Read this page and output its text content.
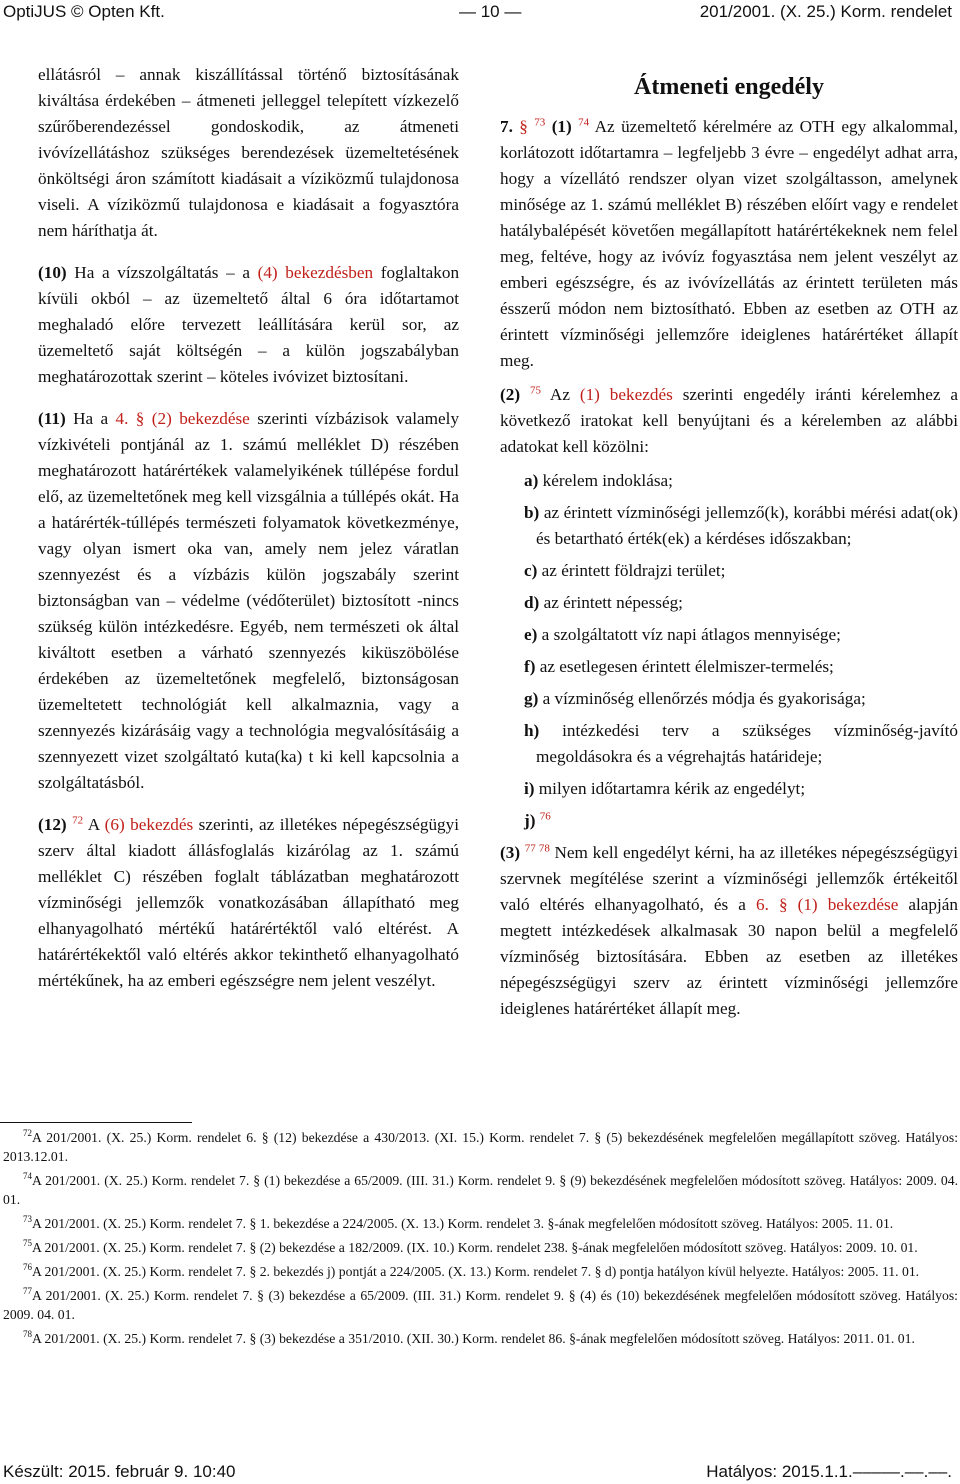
OptiJUS © Opten Kft.	— 10 —	201/2001. (X. 25.) Korm. rendelet

ellátásról – annak kiszállítással történő biztosításának kiváltása érdekében – átmeneti jelleggel telepített vízkezelő szűrőberendezéssel gondoskodik, az átmeneti ivóvízellátáshoz szükséges berendezések üzemeltetésének önköltségi áron számított kiadásait a víziközmű tulajdonosa viseli. A víziközmű tulajdonosa e kiadásait a fogyasztóra nem háríthatja át.

(10) Ha a vízszolgáltatás – a (4) bekezdésben foglaltakon kívüli okból – az üzemeltető által 6 óra időtartamot meghaladó előre tervezett leállítására kerül sor, az üzemeltető saját költségén – a külön jogszabályban meghatározottak szerint – köteles ivóvizet biztosítani.

(11) Ha a 4. § (2) bekezdése szerinti vízbázisok valamely vízkivételi pontjánál az 1. számú melléklet D) részében meghatározott határértékek valamelyikének túllépése fordul elő, az üzemeltetőnek meg kell vizsgálnia a túllépés okát. Ha a határérték-túllépés természeti folyamatok következménye, vagy olyan ismert oka van, amely nem jelez váratlan szennyezést és a vízbázis külön jogszabály szerint biztonságban van – védelme (védőterület) biztosított -nincs szükség külön intézkedésre. Egyéb, nem természeti ok által kiváltott esetben a várható szennyezés kiküszöbölése érdekében az üzemeltetőnek megfelelő, biztonságosan üzemeltetett technológiát kell alkalmaznia, vagy a szennyezés kizárásáig vagy a technológia megvalósításáig a szennyezett vizet szolgáltató kuta(ka) t ki kell kapcsolnia a szolgáltatásból.

(12) $^{72}$ A (6) bekezdés szerinti, az illetékes népegészségügyi szerv által kiadott állásfoglalás kizárólag az 1. számú melléklet C) részében foglalt táblázatban meghatározott vízminőségi jellemzők vonatkozásában állapítható meg elhanyagolható mértékű határértéktől való eltérést. A határértékektől való eltérés akkor tekinthető elhanyagolható mértékűnek, ha az emberi egészségre nem jelent veszélyt.

Átmeneti engedély

7. § $^{73}$ (1) $^{74}$ Az üzemeltető kérelmére az OTH egy alkalommal, korlátozott időtartamra – legfeljebb 3 évre – engedélyt adhat arra, hogy a vízellátó rendszer olyan vizet szolgáltasson, amelynek minősége az 1. számú melléklet B) részében előírt vagy e rendelet hatálybalépését követően megállapított határértékeknek nem felel meg, feltéve, hogy az ivóvíz fogyasztása nem jelent veszélyt az emberi egészségre, és az ivóvízellátás az érintett területen más ésszerű módon nem biztosítható. Ebben az esetben az OTH az érintett vízminőségi jellemzőre ideiglenes határértéket állapít meg.

(2) $^{75}$ Az (1) bekezdés szerinti engedély iránti kérelemhez a következő iratokat kell benyújtani és a kérelemben az alábbi adatokat kell közölni:

a) kérelem indoklása;
b) az érintett vízminőségi jellemző(k), korábbi mérési adat(ok) és betartható érték(ek) a kérdéses időszakban;
c) az érintett földrajzi terület;
d) az érintett népesség;
e) a szolgáltatott víz napi átlagos mennyisége;
f) az esetlegesen érintett élelmiszer-termelés;
g) a vízminőség ellenőrzés módja és gyakorisága;
h) intézkedési terv a szükséges vízminőség-javító megoldásokra és a végrehajtás határideje;
i) milyen időtartamra kérik az engedélyt;
j) $^{76}$

(3) $^{77 78}$ Nem kell engedélyt kérni, ha az illetékes népegészségügyi szervnek megítélése szerint a vízminőségi jellemzők értékeitől való eltérés elhanyagolható, és a 6. § (1) bekezdése alapján megtett intézkedések alkalmasak 30 napon belül a megfelelő vízminőség biztosítására. Ebben az esetben az illetékes népegészségügyi szerv az érintett vízminőségi jellemzőre ideiglenes határértéket állapít meg.

$^{72}$A 201/2001. (X. 25.) Korm. rendelet 6. § (12) bekezdése a 430/2013. (XI. 15.) Korm. rendelet 7. § (5) bekezdésének megfelelően megállapított szöveg. Hatályos: 2013.12.01.

$^{74}$A 201/2001. (X. 25.) Korm. rendelet 7. § (1) bekezdése a 65/2009. (III. 31.) Korm. rendelet 9. § (9) bekezdésének megfelelően módosított szöveg. Hatályos: 2009. 04. 01.

$^{73}$A 201/2001. (X. 25.) Korm. rendelet 7. § 1. bekezdése a 224/2005. (X. 13.) Korm. rendelet 3. §-ának megfelelően módosított szöveg. Hatályos: 2005. 11. 01.

$^{75}$A 201/2001. (X. 25.) Korm. rendelet 7. § (2) bekezdése a 182/2009. (IX. 10.) Korm. rendelet 238. §-ának megfelelően módosított szöveg. Hatályos: 2009. 10. 01.

$^{76}$A 201/2001. (X. 25.) Korm. rendelet 7. § 2. bekezdés j) pontját a 224/2005. (X. 13.) Korm. rendelet 7. § d) pontja hatályon kívül helyezte. Hatályos: 2005. 11. 01.

$^{77}$A 201/2001. (X. 25.) Korm. rendelet 7. § (3) bekezdése a 65/2009. (III. 31.) Korm. rendelet 9. § (4) és (10) bekezdésének megfelelően módosított szöveg. Hatályos: 2009. 04. 01.

$^{78}$A 201/2001. (X. 25.) Korm. rendelet 7. § (3) bekezdése a 351/2010. (XII. 30.) Korm. rendelet 86. §-ának megfelelően módosított szöveg. Hatályos: 2011. 01. 01.

Készült: 2015. február 9. 10:40	Hatályos: 2015.1.1.–––––.––.––.
